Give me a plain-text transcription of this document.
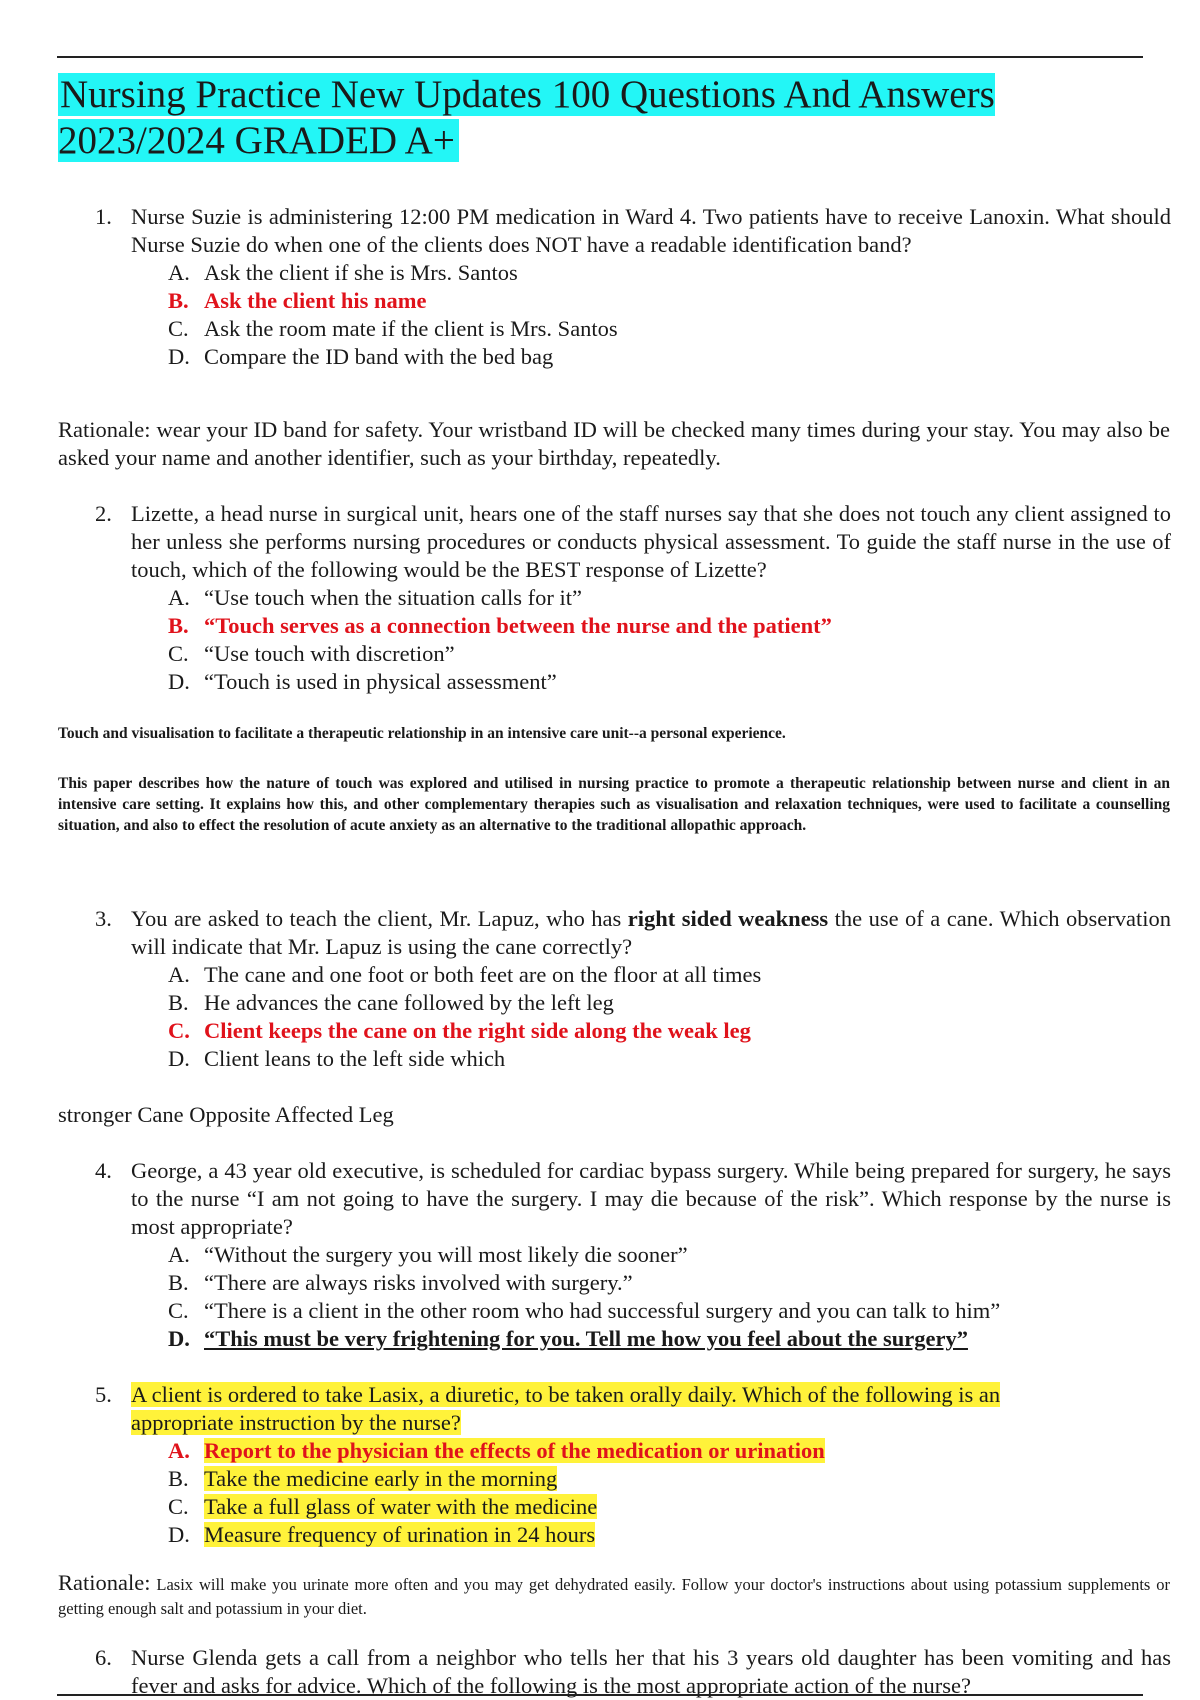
Nursing Practice New Updates 100 Questions And Answers 2023/2024 GRADED A+
1. Nurse Suzie is administering 12:00 PM medication in Ward 4. Two patients have to receive Lanoxin. What should Nurse Suzie do when one of the clients does NOT have a readable identification band?
A. Ask the client if she is Mrs. Santos
B. Ask the client his name
C. Ask the room mate if the client is Mrs. Santos
D. Compare the ID band with the bed bag

Rationale: wear your ID band for safety. Your wristband ID will be checked many times during your stay. You may also be asked your name and another identifier, such as your birthday, repeatedly.

2. Lizette, a head nurse in surgical unit, hears one of the staff nurses say that she does not touch any client assigned to her unless she performs nursing procedures or conducts physical assessment. To guide the staff nurse in the use of touch, which of the following would be the BEST response of Lizette?
A. “Use touch when the situation calls for it”
B. “Touch serves as a connection between the nurse and the patient”
C. “Use touch with discretion”
D. “Touch is used in physical assessment”

Touch and visualisation to facilitate a therapeutic relationship in an intensive care unit--a personal experience.

This paper describes how the nature of touch was explored and utilised in nursing practice to promote a therapeutic relationship between nurse and client in an intensive care setting. It explains how this, and other complementary therapies such as visualisation and relaxation techniques, were used to facilitate a counselling situation, and also to effect the resolution of acute anxiety as an alternative to the traditional allopathic approach.

3. You are asked to teach the client, Mr. Lapuz, who has right sided weakness the use of a cane. Which observation will indicate that Mr. Lapuz is using the cane correctly?
A. The cane and one foot or both feet are on the floor at all times
B. He advances the cane followed by the left leg
C. Client keeps the cane on the right side along the weak leg
D. Client leans to the left side which

stronger Cane Opposite Affected Leg

4. George, a 43 year old executive, is scheduled for cardiac bypass surgery. While being prepared for surgery, he says to the nurse “I am not going to have the surgery. I may die because of the risk”. Which response by the nurse is most appropriate?
A. “Without the surgery you will most likely die sooner”
B. “There are always risks involved with surgery.”
C. “There is a client in the other room who had successful surgery and you can talk to him”
D. “This must be very frightening for you. Tell me how you feel about the surgery”
5. A client is ordered to take Lasix, a diuretic, to be taken orally daily. Which of the following is an
appropriate instruction by the nurse?
A. Report to the physician the effects of the medication or urination
B. Take the medicine early in the morning
C. Take a full glass of water with the medicine
D. Measure frequency of urination in 24 hours

Rationale: Lasix will make you urinate more often and you may get dehydrated easily. Follow your doctor's instructions about using potassium supplements or getting enough salt and potassium in your diet.

6. Nurse Glenda gets a call from a neighbor who tells her that his 3 years old daughter has been vomiting and has fever and asks for advice. Which of the following is the most appropriate action of the nurse?
